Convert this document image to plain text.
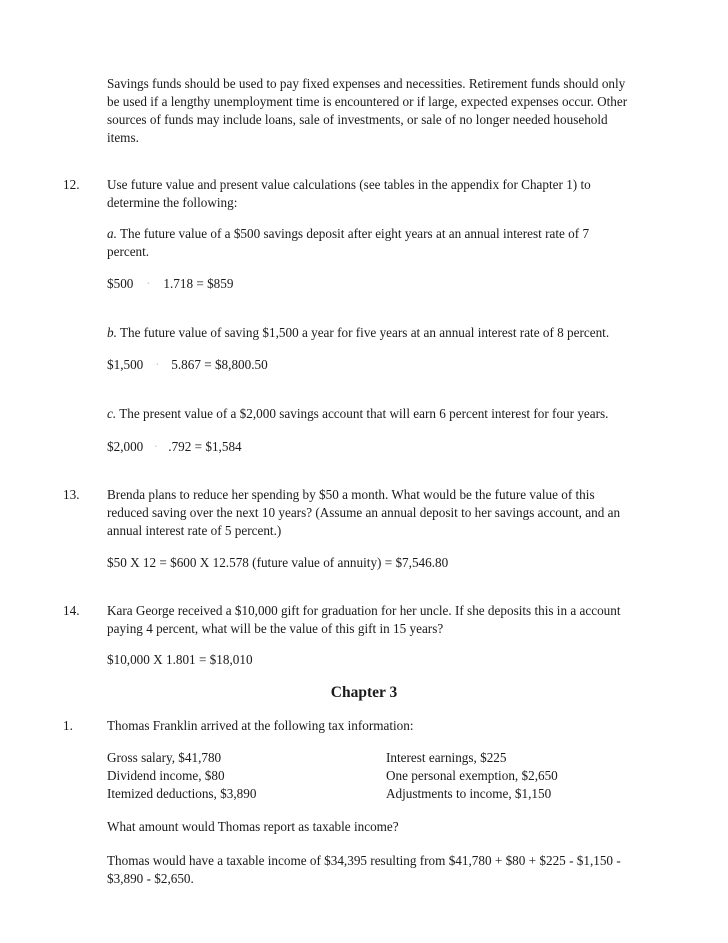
Savings funds should be used to pay fixed expenses and necessities. Retirement funds should only
be used if a lengthy unemployment time is encountered or if large, expected expenses occur. Other
sources of funds may include loans, sale of investments, or sale of no longer needed household
items.
12. Use future value and present value calculations (see tables in the appendix for Chapter 1) to
determine the following:
a. The future value of a $500 savings deposit after eight years at an annual interest rate of 7
percent.
$500 · 1.718 = $859
b. The future value of saving $1,500 a year for five years at an annual interest rate of 8 percent.
$1,500 · 5.867 = $8,800.50
c. The present value of a $2,000 savings account that will earn 6 percent interest for four years.
$2,000 · .792 = $1,584
13. Brenda plans to reduce her spending by $50 a month. What would be the future value of this
reduced saving over the next 10 years? (Assume an annual deposit to her savings account, and an
annual interest rate of 5 percent.)
$50 X 12 = $600 X 12.578 (future value of annuity) = $7,546.80
14. Kara George received a $10,000 gift for graduation for her uncle. If she deposits this in a account
paying 4 percent, what will be the value of this gift in 15 years?
$10,000 X 1.801 = $18,010
Chapter 3
1.	Thomas Franklin arrived at the following tax information:
Gross salary, $41,780
Dividend income, $80
Itemized deductions, $3,890
Interest earnings, $225
One personal exemption, $2,650
Adjustments to income, $1,150
What amount would Thomas report as taxable income?
Thomas would have a taxable income of $34,395 resulting from $41,780 + $80 + $225 - $1,150 -
$3,890 - $2,650.
